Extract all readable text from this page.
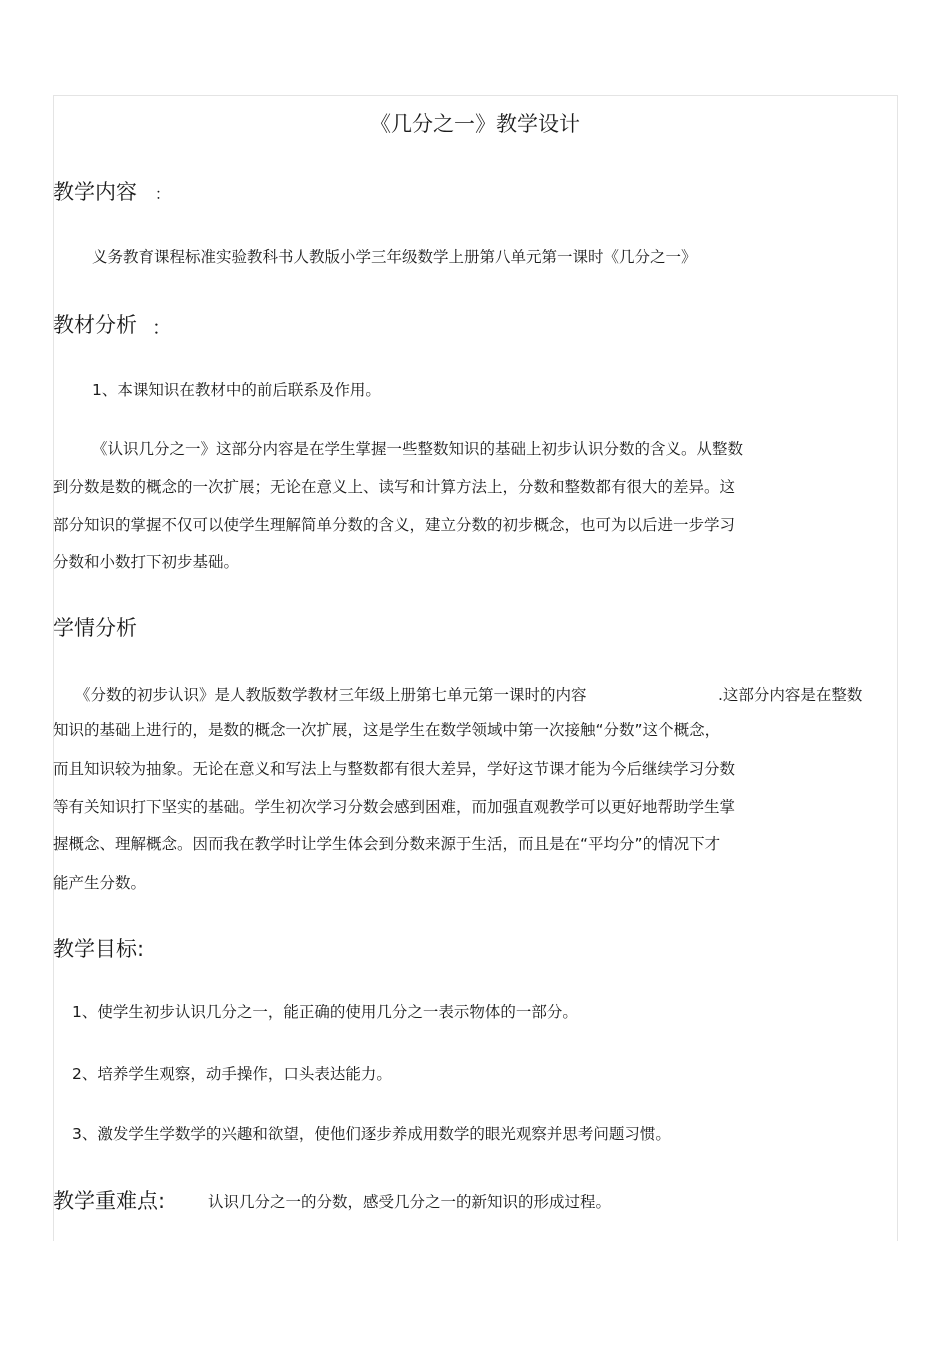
《几分之一》教学设计
教学内容 ：
义务教育课程标准实验教科书人教版小学三年级数学上册第八单元第一课时《几分之一》
教材分析 ：
1、本课知识在教材中的前后联系及作用。
《认识几分之一》这部分内容是在学生掌握一些整数知识的基础上初步认识分数的含义。从整数
到分数是数的概念的一次扩展；无论在意义上、读写和计算方法上，分数和整数都有很大的差异。这
部分知识的掌握不仅可以使学生理解简单分数的含义，建立分数的初步概念，也可为以后进一步学习
分数和小数打下初步基础。
学情分析
《分数的初步认识》是人教版数学教材三年级上册第七单元第一课时的内容	.这部分内容是在整数
知识的基础上进行的，是数的概念一次扩展，这是学生在数学领域中第一次接触“分数”这个概念，
而且知识较为抽象。无论在意义和写法上与整数都有很大差异，学好这节课才能为今后继续学习分数
等有关知识打下坚实的基础。学生初次学习分数会感到困难，而加强直观教学可以更好地帮助学生掌
握概念、理解概念。因而我在教学时让学生体会到分数来源于生活，而且是在“平均分”的情况下才
能产生分数。
教学目标:
1、使学生初步认识几分之一，能正确的使用几分之一表示物体的一部分。
2、培养学生观察，动手操作，口头表达能力。
3、激发学生学数学的兴趣和欲望，使他们逐步养成用数学的眼光观察并思考问题习惯。
教学重难点:	认识几分之一的分数，感受几分之一的新知识的形成过程。
